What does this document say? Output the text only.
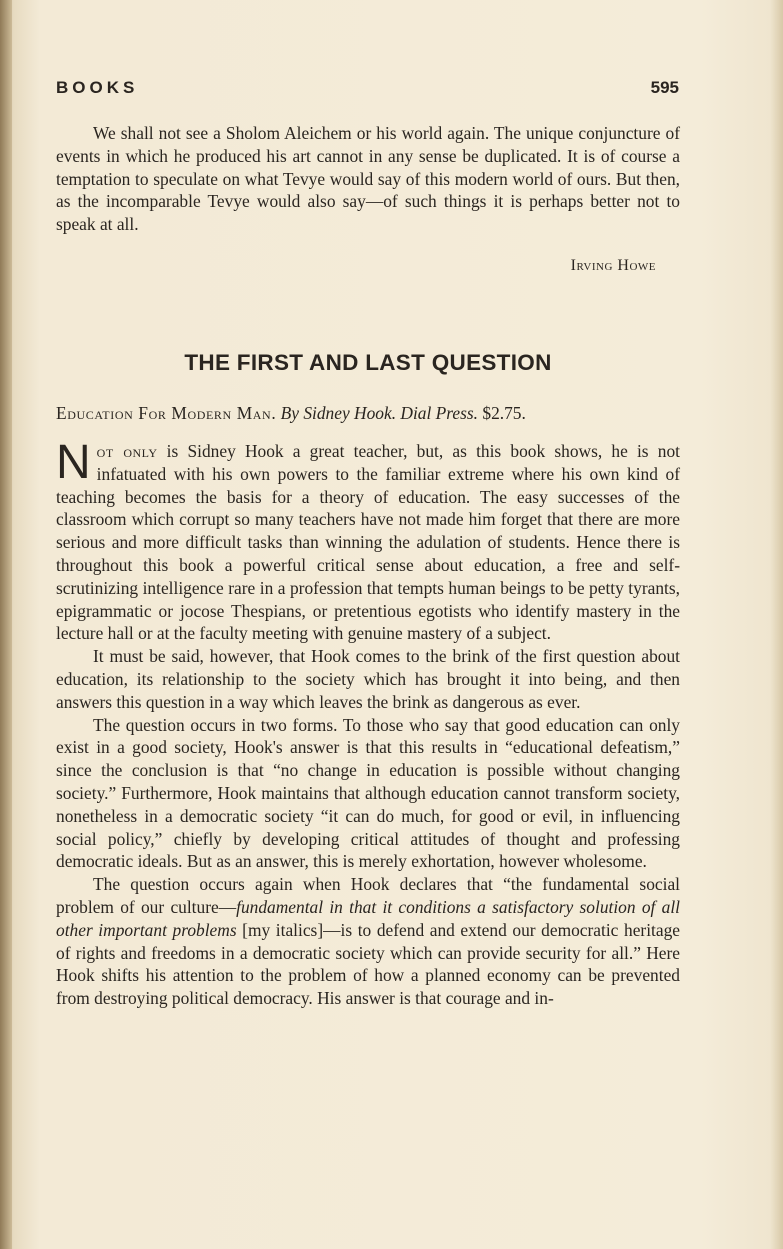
BOOKS	595

We shall not see a Sholom Aleichem or his world again. The unique conjuncture of events in which he produced his art cannot in any sense be duplicated. It is of course a temptation to speculate on what Tevye would say of this modern world of ours. But then, as the incomparable Tevye would also say—of such things it is perhaps better not to speak at all.

Irving Howe
THE FIRST AND LAST QUESTION
Education For Modern Man. By Sidney Hook. Dial Press. $2.75.

Not only is Sidney Hook a great teacher, but, as this book shows, he is not infatuated with his own powers to the familiar extreme where his own kind of teaching becomes the basis for a theory of education. The easy successes of the classroom which corrupt so many teachers have not made him forget that there are more serious and more difficult tasks than winning the adulation of students. Hence there is throughout this book a powerful critical sense about education, a free and self-scrutinizing intelligence rare in a profession that tempts human beings to be petty tyrants, epigrammatic or jocose Thespians, or pretentious egotists who identify mastery in the lecture hall or at the faculty meeting with genuine mastery of a subject.

It must be said, however, that Hook comes to the brink of the first question about education, its relationship to the society which has brought it into being, and then answers this question in a way which leaves the brink as dangerous as ever.

The question occurs in two forms. To those who say that good education can only exist in a good society, Hook's answer is that this results in “educational defeatism,” since the conclusion is that “no change in education is possible without changing society.” Furthermore, Hook maintains that although education cannot transform society, nonetheless in a democratic society “it can do much, for good or evil, in influencing social policy,” chiefly by developing critical attitudes of thought and professing democratic ideals. But as an answer, this is merely exhortation, however wholesome.

The question occurs again when Hook declares that “the fundamental social problem of our culture—fundamental in that it conditions a satisfactory solution of all other important problems [my italics]—is to defend and extend our democratic heritage of rights and freedoms in a democratic society which can provide security for all.” Here Hook shifts his attention to the problem of how a planned economy can be prevented from destroying political democracy. His answer is that courage and in-
